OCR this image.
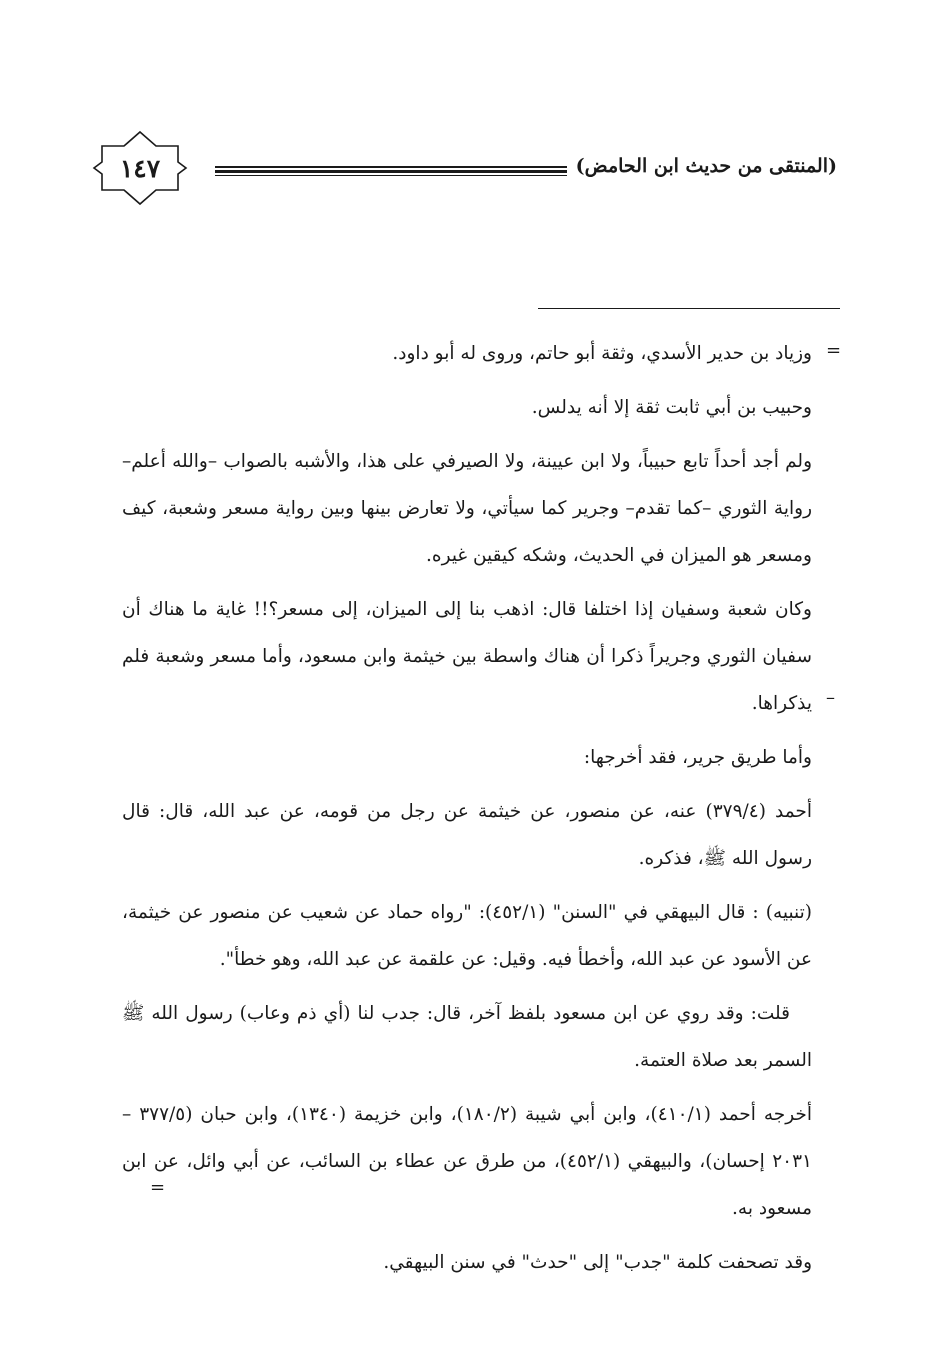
(المنتقى من حديث ابن الحامض)
١٤٧
=
–
=

وزياد بن حدير الأسدي، وثقة أبو حاتم، وروى له أبو داود.

وحبيب بن أبي ثابت ثقة إلا أنه يدلس.

ولم أجد أحداً تابع حبيباً، ولا ابن عيينة، ولا الصيرفي على هذا، والأشبه بالصواب –والله أعلم– رواية الثوري –كما تقدم– وجرير كما سيأتي، ولا تعارض بينها وبين رواية مسعر وشعبة، كيف ومسعر هو الميزان في الحديث، وشكه كيقين غيره.

وكان شعبة وسفيان إذا اختلفا قال: اذهب بنا إلى الميزان، إلى مسعر؟!! غاية ما هناك أن سفيان الثوري وجريراً ذكرا أن هناك واسطة بين خيثمة وابن مسعود، وأما مسعر وشعبة فلم يذكراها.

وأما طريق جرير، فقد أخرجها:

أحمد (٣٧٩/٤) عنه، عن منصور، عن خيثمة عن رجل من قومه، عن عبد الله، قال: قال رسول الله ﷺ، فذكره.

(تنبيه) : قال البيهقي في "السنن" (٤٥٢/١): "رواه حماد عن شعيب عن منصور عن خيثمة، عن الأسود عن عبد الله، وأخطأ فيه. وقيل: عن علقمة عن عبد الله، وهو خطأ".

قلت: وقد روي عن ابن مسعود بلفظ آخر، قال: جدب لنا (أي ذم وعاب) رسول الله ﷺ السمر بعد صلاة العتمة.

أخرجه أحمد (٤١٠/١)، وابن أبي شيبة (١٨٠/٢)، وابن خزيمة (١٣٤٠)، وابن حبان (٣٧٧/٥ – ٢٠٣١ إحسان)، والبيهقي (٤٥٢/١)، من طرق عن عطاء بن السائب، عن أبي وائل، عن ابن مسعود به.

وقد تصحفت كلمة "جدب" إلى "حدث" في سنن البيهقي.
